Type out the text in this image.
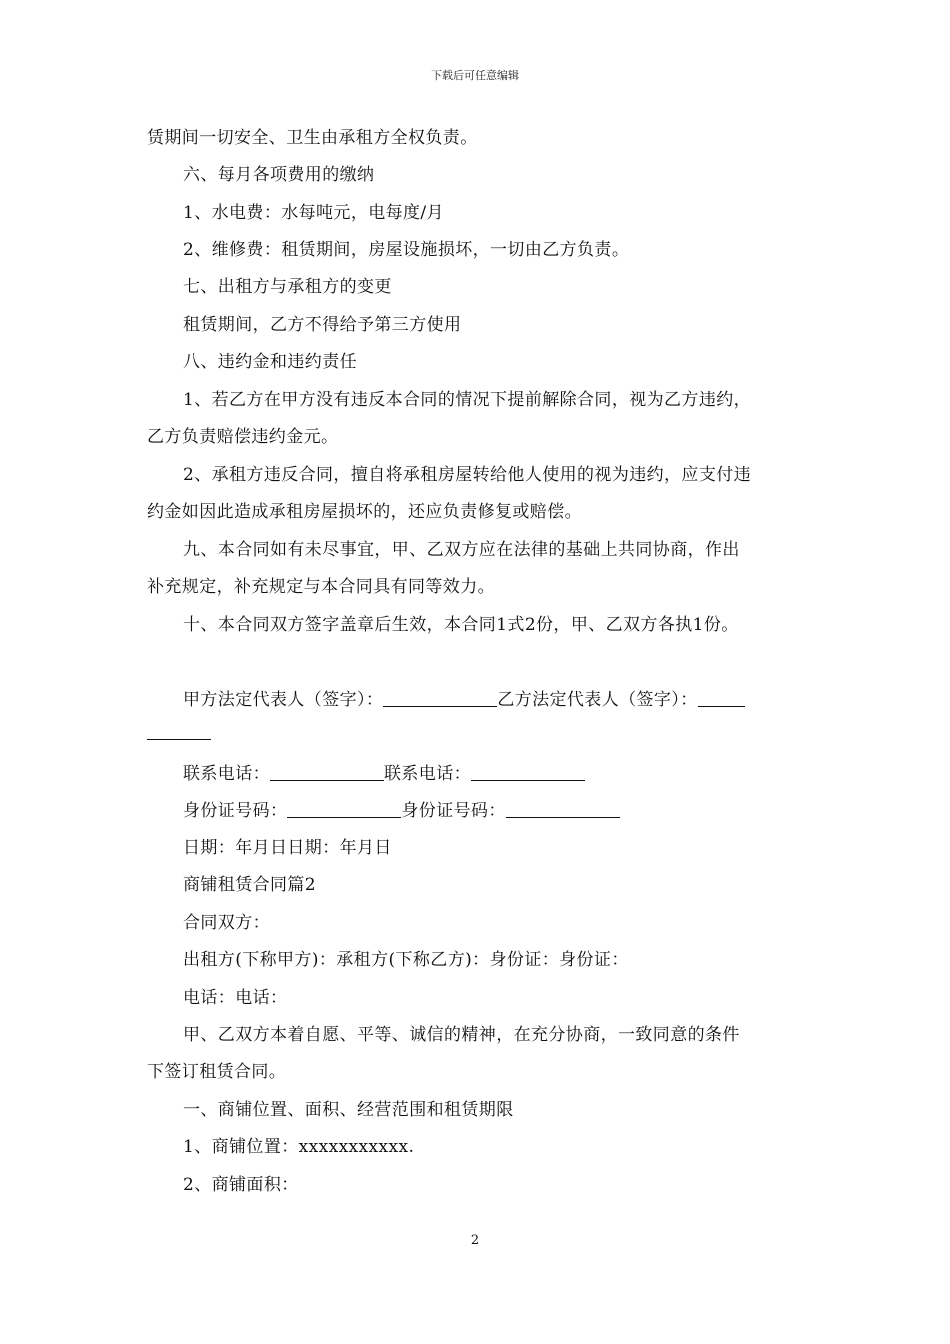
下载后可任意编辑
赁期间一切安全、卫生由承租方全权负责。
六、每月各项费用的缴纳
1、水电费：水每吨元，电每度/月
2、维修费：租赁期间，房屋设施损坏，一切由乙方负责。
七、出租方与承租方的变更
租赁期间，乙方不得给予第三方使用
八、违约金和违约责任
1、若乙方在甲方没有违反本合同的情况下提前解除合同，视为乙方违约，
乙方负责赔偿违约金元。
2、承租方违反合同，擅自将承租房屋转给他人使用的视为违约，应支付违
约金如因此造成承租房屋损坏的，还应负责修复或赔偿。
九、本合同如有未尽事宜，甲、乙双方应在法律的基础上共同协商，作出
补充规定，补充规定与本合同具有同等效力。
十、本合同双方签字盖章后生效，本合同1式2份，甲、乙双方各执1份。
甲方法定代表人（签字）：	乙方法定代表人（签字）：
联系电话：	联系电话：
身份证号码：	身份证号码：
日期：年月日日期：年月日
商铺租赁合同篇2
合同双方：
出租方(下称甲方)：承租方(下称乙方)：身份证：身份证：
电话：电话：
甲、乙双方本着自愿、平等、诚信的精神，在充分协商，一致同意的条件
下签订租赁合同。
一、商铺位置、面积、经营范围和租赁期限
1、商铺位置：xxxxxxxxxxx.
2、商铺面积：
2
